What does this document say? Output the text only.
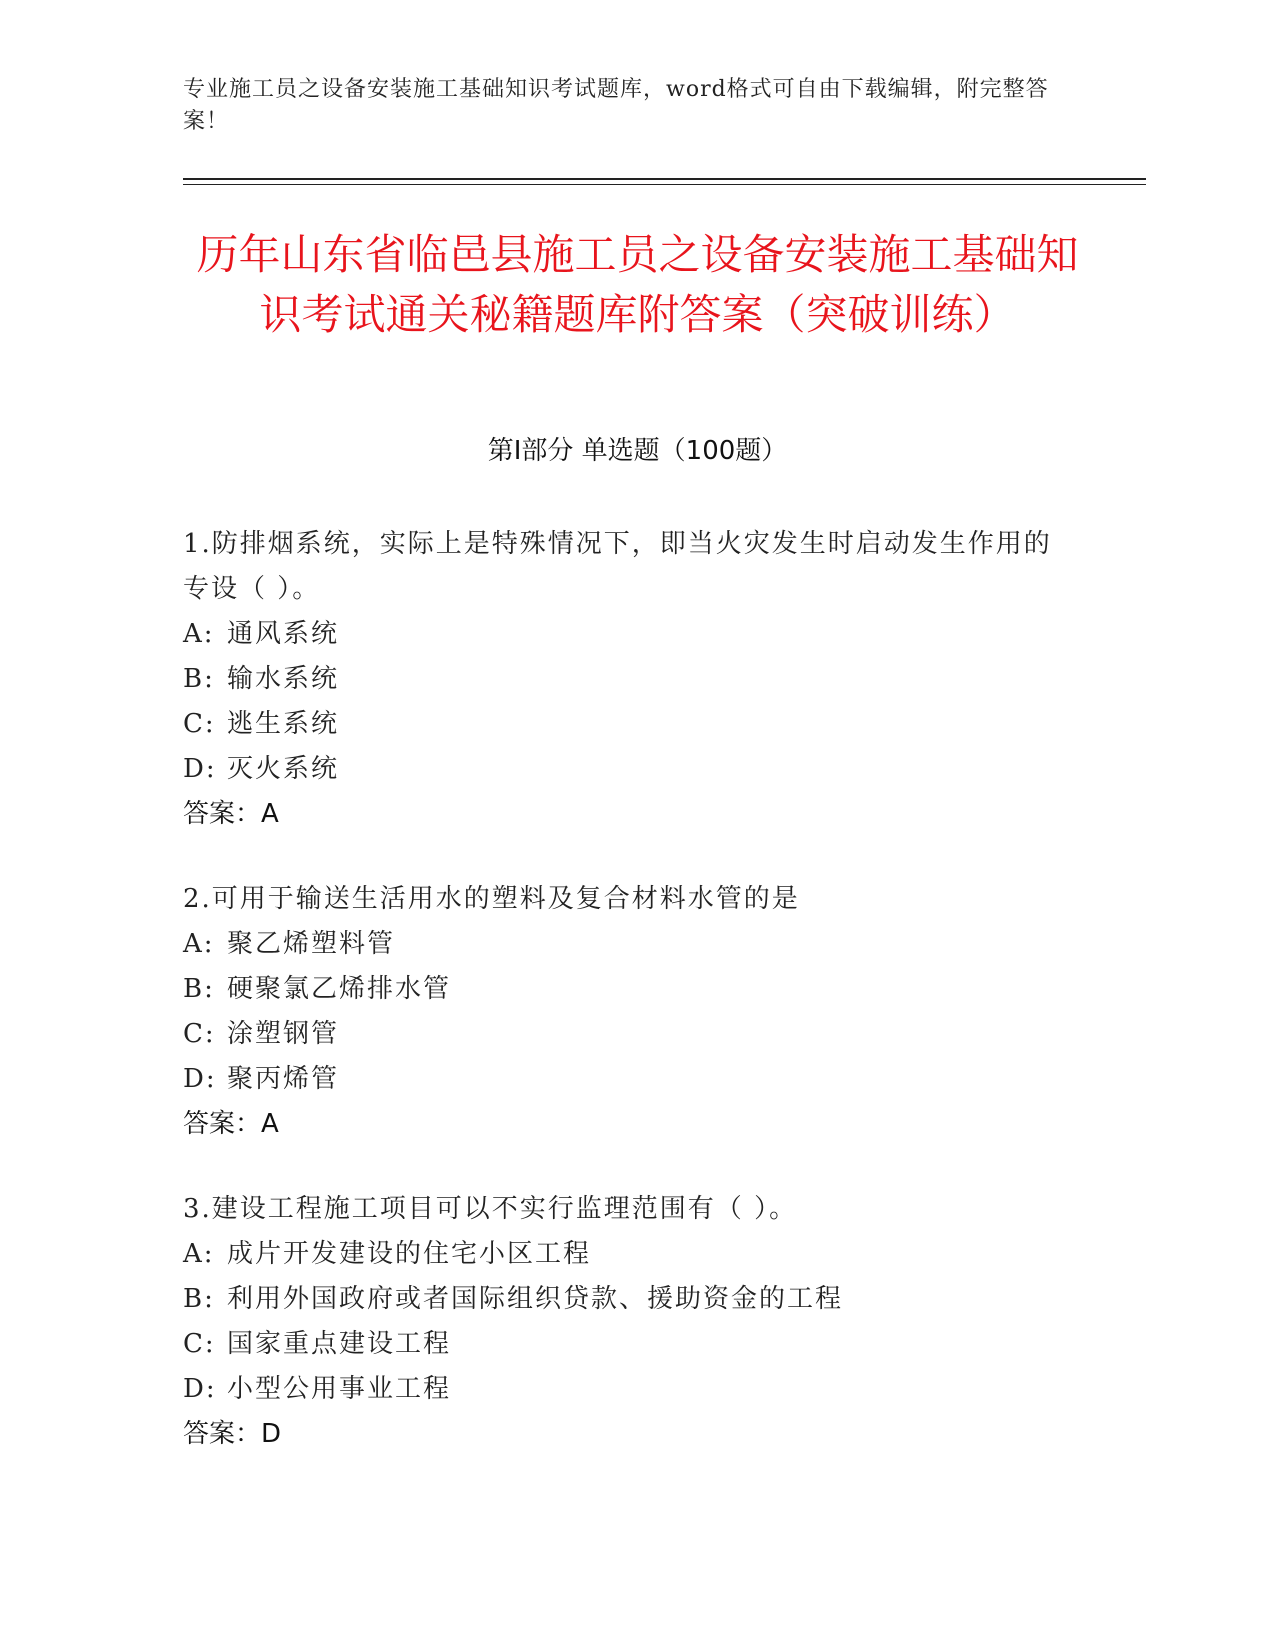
专业施工员之设备安装施工基础知识考试题库，word格式可自由下载编辑，附完整答案！
历年山东省临邑县施工员之设备安装施工基础知识考试通关秘籍题库附答案（突破训练）
第Ⅰ部分 单选题（100题）
1.防排烟系统，实际上是特殊情况下，即当火灾发生时启动发生作用的专设（ ）。
A: 通风系统
B: 输水系统
C: 逃生系统
D: 灭火系统
答案：A
2.可用于输送生活用水的塑料及复合材料水管的是
A: 聚乙烯塑料管
B: 硬聚氯乙烯排水管
C: 涂塑钢管
D: 聚丙烯管
答案：A
3.建设工程施工项目可以不实行监理范围有（ ）。
A: 成片开发建设的住宅小区工程
B: 利用外国政府或者国际组织贷款、援助资金的工程
C: 国家重点建设工程
D: 小型公用事业工程
答案：D
